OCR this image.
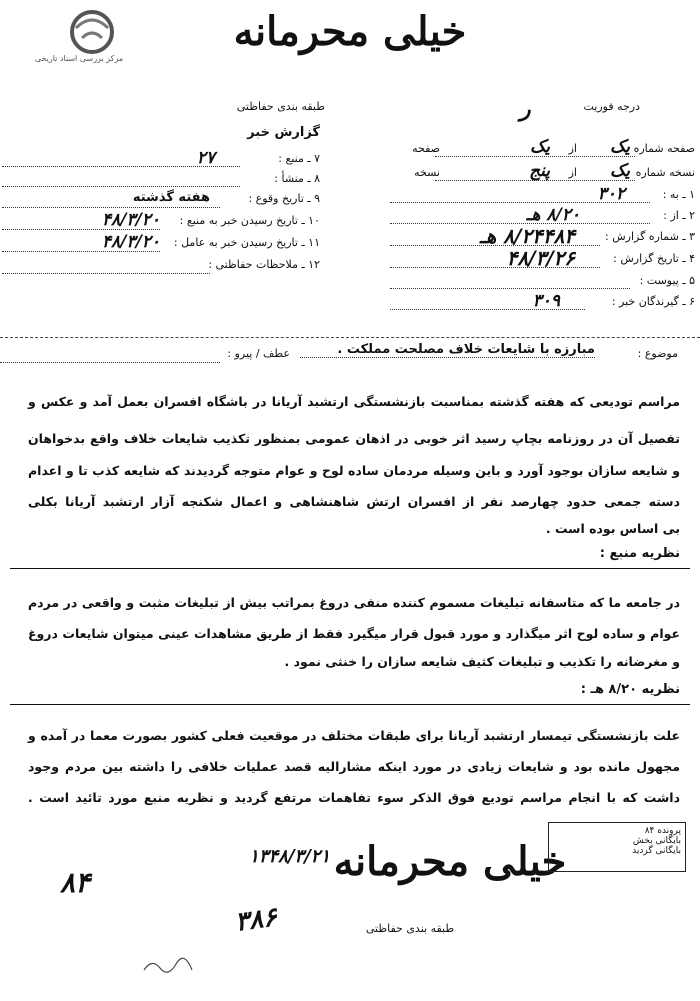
مرکز بررسی اسناد تاریخی
خیلی محرمانه
طبقه بندی حفاظتی
گزارش خبر
۷ ـ منبع :
۲۷
۸ ـ منشأ :
۹ ـ تاریخ وقوع :
هفته گذشته
۱۰ ـ تاریخ رسیدن خبر به منبع :
۴۸/۳/۲۰
۱۱ ـ تاریخ رسیدن خبر به عامل :
۴۸/۳/۲۰
۱۲ ـ ملاحظات حفاظتی :
درجه فوریت
ر
صفحه شماره
یک
از
یک
صفحه
نسخه شماره
یک
از
پنج
نسخه
۱ ـ به :
۳۰۲
۲ ـ از :
۸/۲۰ هـ
۳ ـ شماره گزارش :
۸/۲۴۴۸۴ هـ
۴ ـ تاریخ گزارش :
۴۸/۳/۲۶
۵ ـ پیوست :
۶ ـ گیرندگان خبر :
۳۰۹
موضوع :
مبارزه با شایعات خلاف مصلحت مملکت .
عطف / پیرو :
مراسم تودیعی که هفته گذشته بمناسبت بازنشستگی ارتشبد آریانا در باشگاه افسران بعمل آمد و عکس و
تفصیل آن در روزنامه بچاپ رسید اثر خوبی در اذهان عمومی بمنظور تکذیب شایعات خلاف واقع بدخواهان
و شایعه سازان بوجود آورد و باین وسیله مردمان ساده لوح و عوام متوجه گردیدند که شایعه کذب تا و اعدام
دسته جمعی حدود چهارصد نفر از افسران ارتش شاهنشاهی و اعمال شکنجه آزار ارتشبد آریانا بکلی
بی اساس بوده است .
نظریه منبع :
در جامعه ما که متاسفانه تبلیغات مسموم کننده منفی دروغ بمراتب بیش از تبلیغات مثبت و واقعی در مردم
عوام و ساده لوح اثر میگذارد و مورد قبول قرار میگیرد فقط از طریق مشاهدات عینی میتوان شایعات دروغ
و مغرضانه را تکذیب و تبلیغات کثیف شایعه سازان را خنثی نمود .
نظریه ۸/۲۰ هـ :
علت بازنشستگی تیمسار ارتشبد آریانا برای طبقات مختلف در موقعیت فعلی کشور بصورت معما در آمده و
مجهول مانده بود و شایعات زیادی در مورد اینکه مشارالیه قصد عملیات خلافی را داشته بین مردم وجود
داشت که با انجام مراسم تودیع فوق الذکر سوء تفاهمات مرتفع گردید و نظریه منبع مورد تائید است .
۱۳۴۸/۳/۲۱
۸۴
۳۸۶
خیلی محرمانه
طبقه بندی حفاظتی
پرونده ۸۴
بایگانی بخش
بایگانی گردید
